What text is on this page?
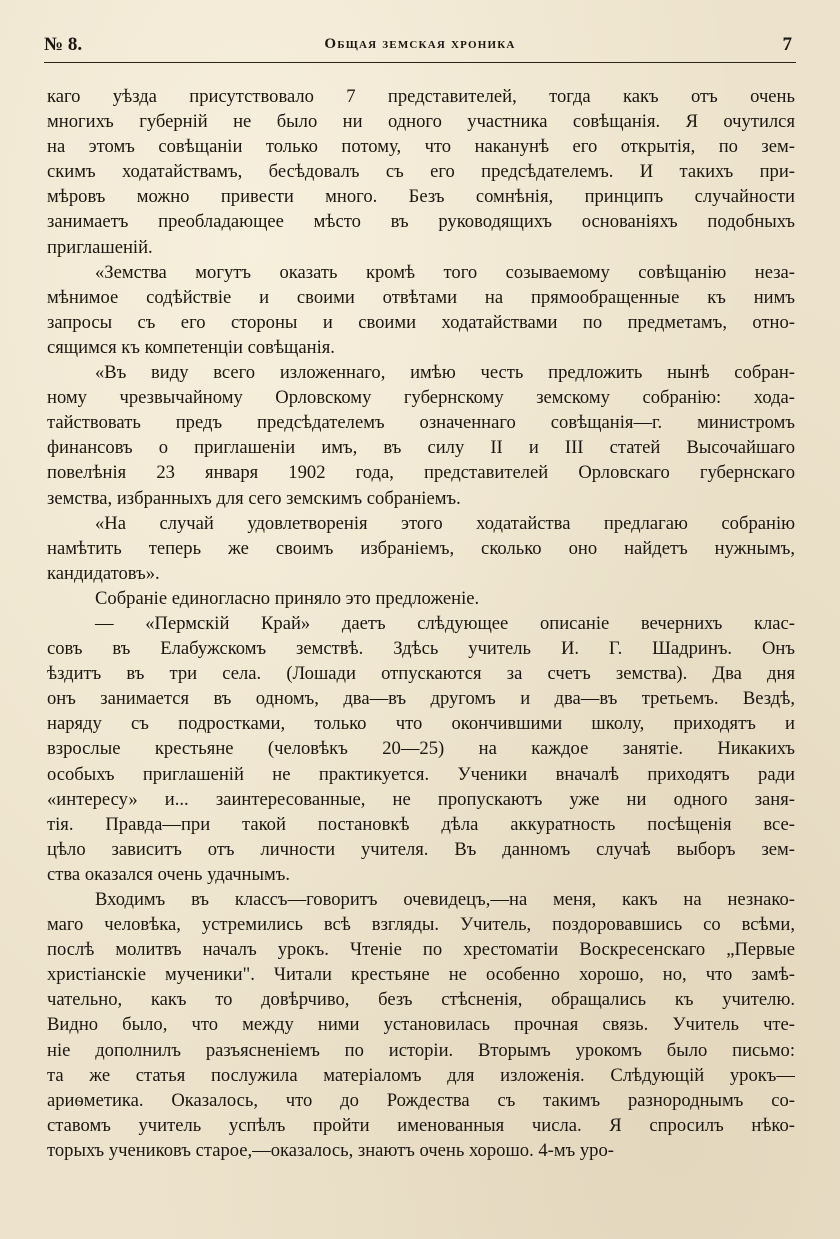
№ 8.	Общая земская хроника	7
каго уѣзда присутствовало 7 представителей, тогда какъ отъ очень
многихъ губерній не было ни одного участника совѣщанія. Я очутился
на этомъ совѣщаніи только потому, что наканунѣ его открытія, по зем-
скимъ ходатайствамъ, бесѣдовалъ съ его предсѣдателемъ. И такихъ при-
мѣровъ можно привести много. Безъ сомнѣнія, принципъ случайности
занимаетъ преобладающее мѣсто въ руководящихъ основаніяхъ подобныхъ
приглашеній.
«Земства могутъ оказать кромѣ того созываемому совѣщанію неза-
мѣнимое содѣйствіе и своими отвѣтами на прямообращенные къ нимъ
запросы съ его стороны и своими ходатайствами по предметамъ, отно-
сящимся къ компетенціи совѣщанія.
«Въ виду всего изложеннаго, имѣю честь предложить нынѣ собран-
ному чрезвычайному Орловскому губернскому земскому собранію: хода-
тайствовать предъ предсѣдателемъ означеннаго совѣщанія—г. министромъ
финансовъ о приглашеніи имъ, въ силу II и III статей Высочайшаго
повелѣнія 23 января 1902 года, представителей Орловскаго губернскаго
земства, избранныхъ для сего земскимъ собраніемъ.
«На случай удовлетворенія этого ходатайства предлагаю собранію
намѣтить теперь же своимъ избраніемъ, сколько оно найдетъ нужнымъ,
кандидатовъ».
Собраніе единогласно приняло это предложеніе.
— «Пермскій Край» даетъ слѣдующее описаніе вечернихъ клас-
совъ въ Елабужскомъ земствѣ. Здѣсь учитель И. Г. Шадринъ. Онъ
ѣздитъ въ три села. (Лошади отпускаются за счетъ земства). Два дня
онъ занимается въ одномъ, два—въ другомъ и два—въ третьемъ. Вездѣ,
наряду съ подростками, только что окончившими школу, приходятъ и
взрослые крестьяне (человѣкъ 20—25) на каждое занятіе. Никакихъ
особыхъ приглашеній не практикуется. Ученики вначалѣ приходятъ ради
«интересу» и... заинтересованные, не пропускаютъ уже ни одного заня-
тія. Правда—при такой постановкѣ дѣла аккуратность посѣщенія все-
цѣло зависитъ отъ личности учителя. Въ данномъ случаѣ выборъ зем-
ства оказался очень удачнымъ.
Входимъ въ классъ—говоритъ очевидецъ,—на меня, какъ на незнако-
маго человѣка, устремились всѣ взгляды. Учитель, поздоровавшись со всѣми,
послѣ молитвъ началъ урокъ. Чтеніе по хрестоматіи Воскресенскаго „Первые
христіанскіе мученики". Читали крестьяне не особенно хорошо, но, что замѣ-
чательно, какъ то довѣрчиво, безъ стѣсненія, обращались къ учителю.
Видно было, что между ними установилась прочная связь. Учитель чте-
ніе дополнилъ разъясненіемъ по исторіи. Вторымъ урокомъ было письмо:
та же статья послужила матеріаломъ для изложенія. Слѣдующій урокъ—
ариѳметика. Оказалось, что до Рождества съ такимъ разнороднымъ со-
ставомъ учитель успѣлъ пройти именованныя числа. Я спросилъ нѣко-
торыхъ учениковъ старое,—оказалось, знаютъ очень хорошо. 4-мъ уро-
